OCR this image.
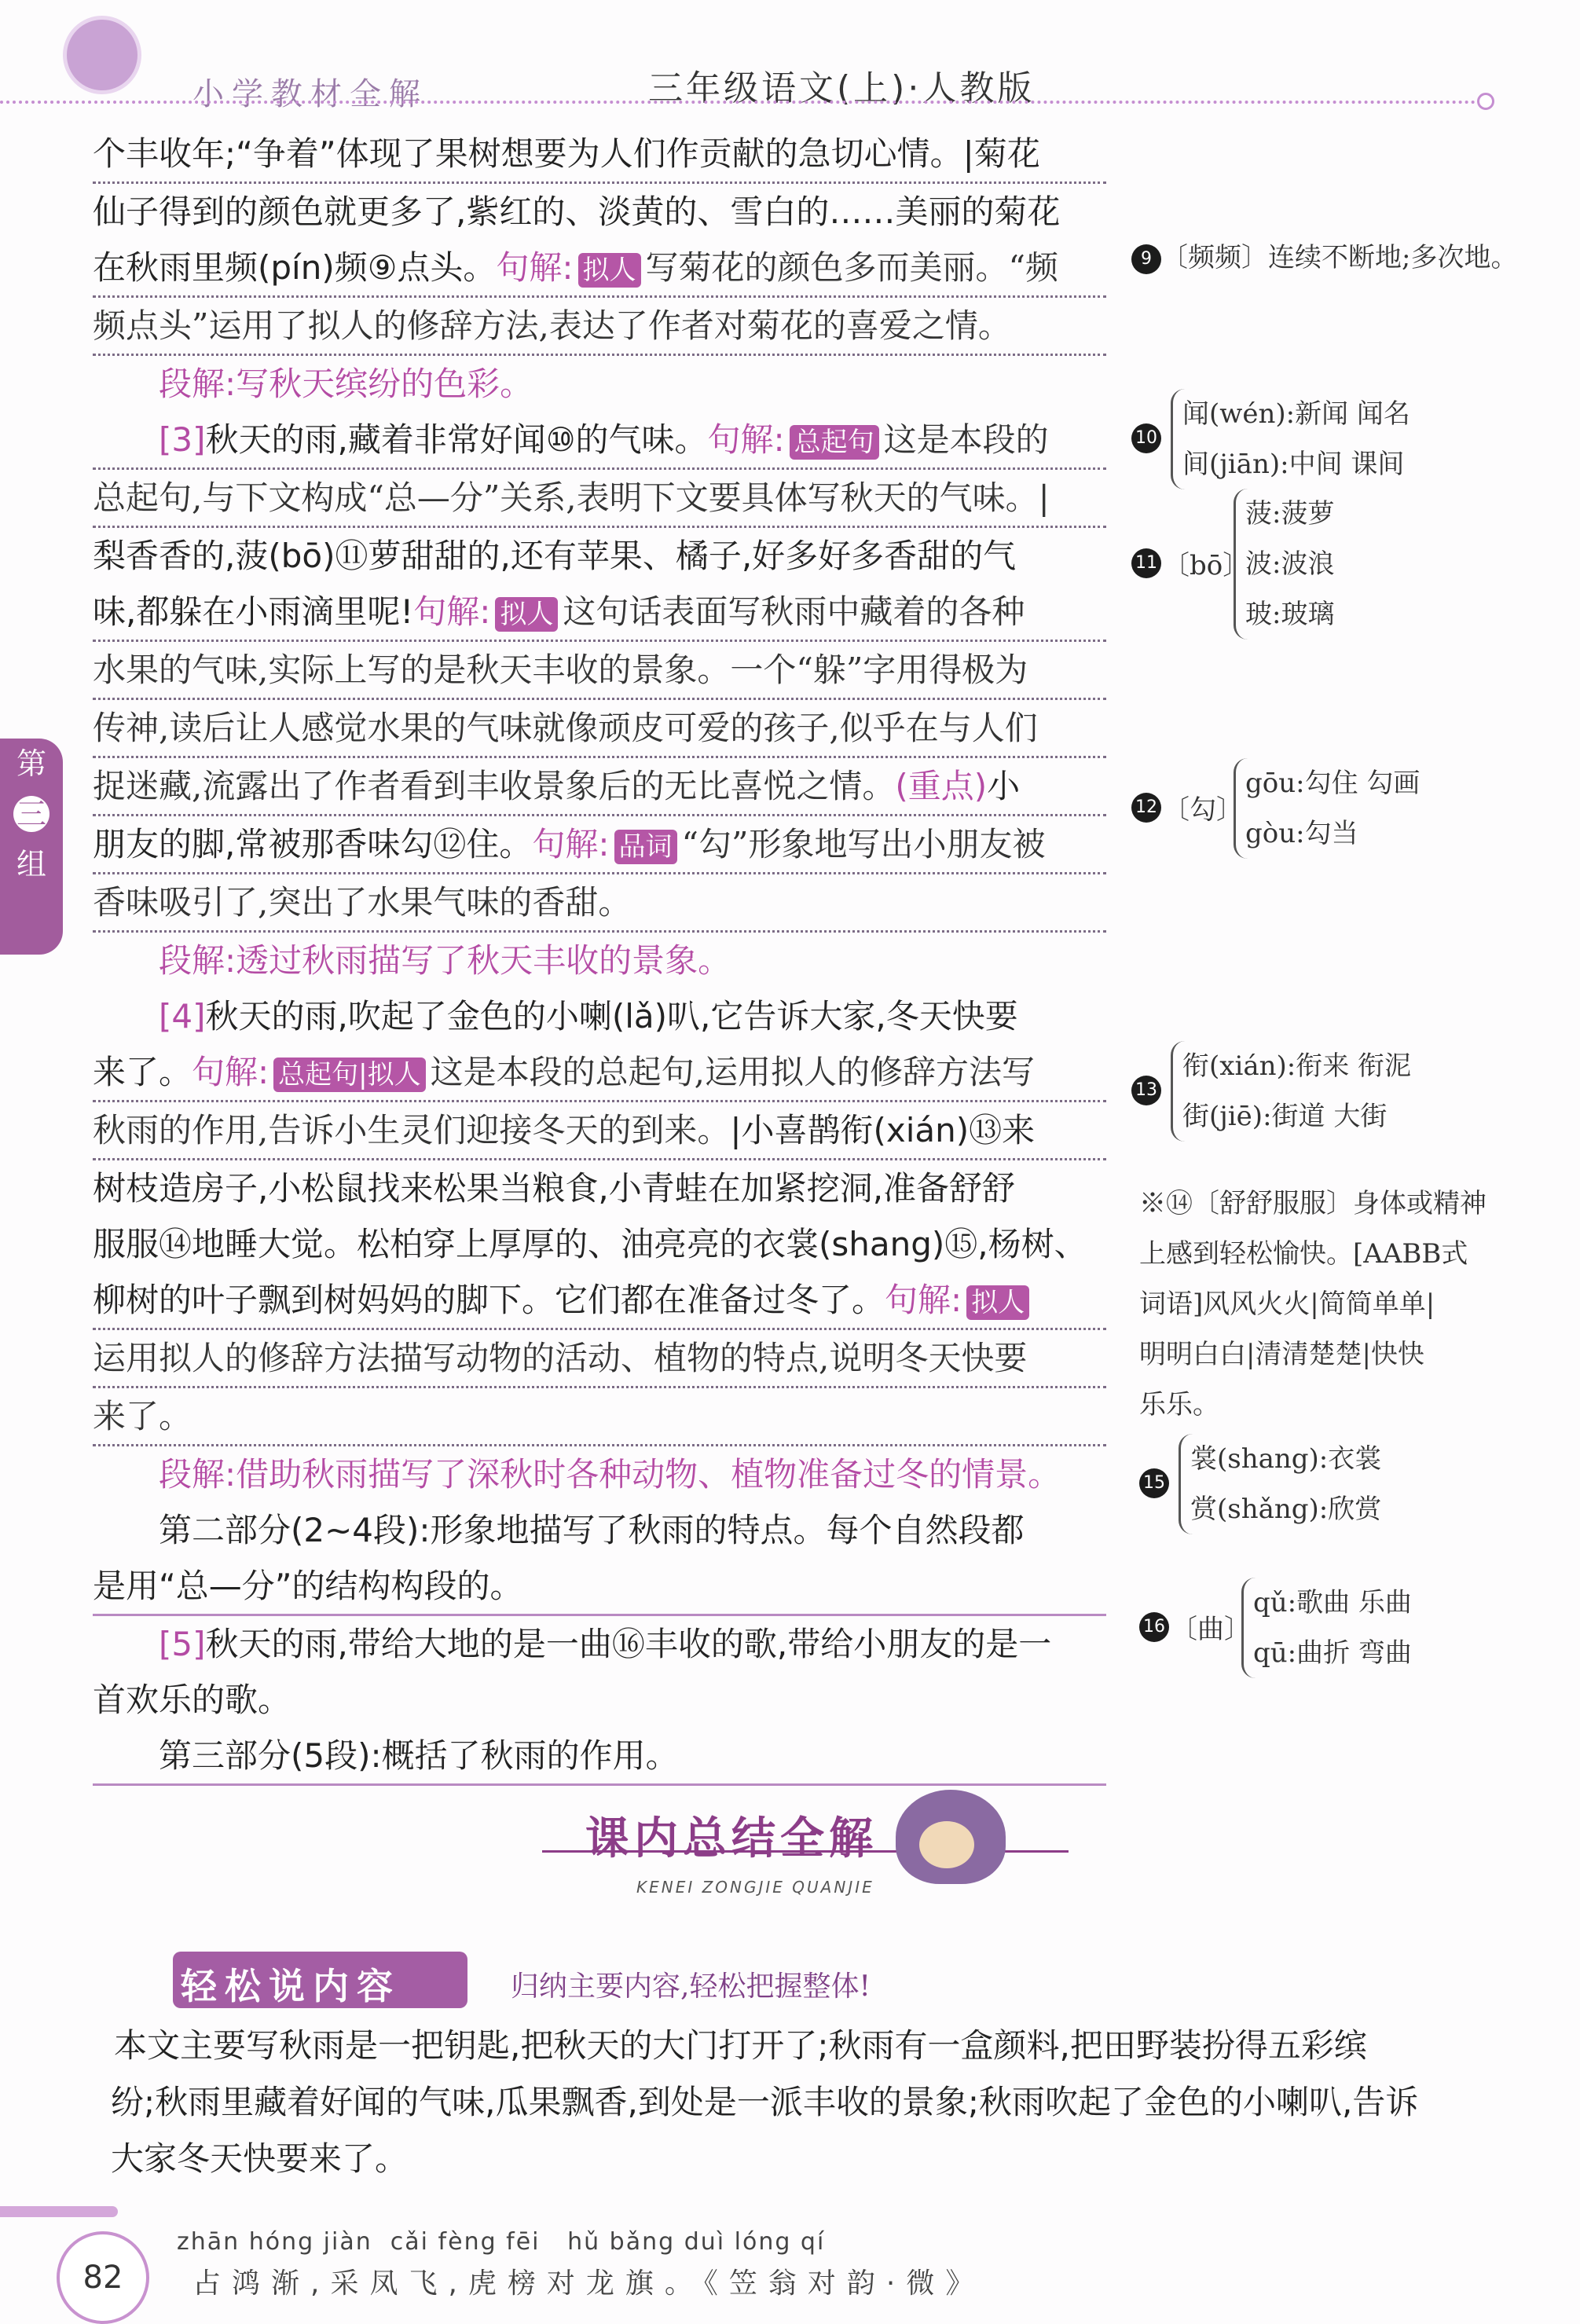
小学教材全解	三年级语文(上)·人教版
第
三
组
个丰收年;“争着”体现了果树想要为人们作贡献的急切心情。|菊花
仙子得到的颜色就更多了,紫红的、淡黄的、雪白的……美丽的菊花
在秋雨里频(pín)频⑨点头。句解: 拟人 写菊花的颜色多而美丽。“频
频点头”运用了拟人的修辞方法,表达了作者对菊花的喜爱之情。
段解:写秋天缤纷的色彩。
[3]秋天的雨,藏着非常好闻⑩的气味。句解: 总起句 这是本段的
总起句,与下文构成“总—分”关系,表明下文要具体写秋天的气味。|
梨香香的,菠(bō)⑪萝甜甜的,还有苹果、橘子,好多好多香甜的气
味,都躲在小雨滴里呢!句解: 拟人 这句话表面写秋雨中藏着的各种
水果的气味,实际上写的是秋天丰收的景象。一个“躲”字用得极为
传神,读后让人感觉水果的气味就像顽皮可爱的孩子,似乎在与人们
捉迷藏,流露出了作者看到丰收景象后的无比喜悦之情。(重点)小
朋友的脚,常被那香味勾⑫住。句解: 品词 “勾”形象地写出小朋友被
香味吸引了,突出了水果气味的香甜。
段解:透过秋雨描写了秋天丰收的景象。
[4]秋天的雨,吹起了金色的小喇(lǎ)叭,它告诉大家,冬天快要
来了。句解: 总起句|拟人 这是本段的总起句,运用拟人的修辞方法写
秋雨的作用,告诉小生灵们迎接冬天的到来。|小喜鹊衔(xián)⑬来
树枝造房子,小松鼠找来松果当粮食,小青蛙在加紧挖洞,准备舒舒
服服⑭地睡大觉。松柏穿上厚厚的、油亮亮的衣裳(shang)⑮,杨树、
柳树的叶子飘到树妈妈的脚下。它们都在准备过冬了。句解: 拟人
运用拟人的修辞方法描写动物的活动、植物的特点,说明冬天快要
来了。
段解:借助秋雨描写了深秋时各种动物、植物准备过冬的情景。
第二部分(2~4段):形象地描写了秋雨的特点。每个自然段都
是用“总—分”的结构构段的。
[5]秋天的雨,带给大地的是一曲⑯丰收的歌,带给小朋友的是一
首欢乐的歌。
第三部分(5段):概括了秋雨的作用。
9 〔频频〕连续不断地;多次地。
10
闻(wén):新闻 闻名
间(jiān):中间 课间
11 〔bō〕
菠:菠萝
波:波浪
玻:玻璃
12 〔勾〕
gōu:勾住 勾画
gòu:勾当
13
衔(xián):衔来 衔泥
街(jiē):街道 大街
※⑭〔舒舒服服〕身体或精神
上感到轻松愉快。[AABB式
词语]风风火火|简简单单|
明明白白|清清楚楚|快快
乐乐。
15
裳(shang):衣裳
赏(shǎng):欣赏
16 〔曲〕
qǔ:歌曲 乐曲
qū:曲折 弯曲
课内总结全解
KENEI ZONGJIE QUANJIE
轻松说内容	归纳主要内容,轻松把握整体!
本文主要写秋雨是一把钥匙,把秋天的大门打开了;秋雨有一盒颜料,把田野装扮得五彩缤
纷;秋雨里藏着好闻的气味,瓜果飘香,到处是一派丰收的景象;秋雨吹起了金色的小喇叭,告诉
大家冬天快要来了。
82
zhān hóng jiàn  cǎi fèng fēi   hǔ bǎng duì lóng qí
占鸿渐,采凤飞,虎榜对龙旗。《笠翁对韵·微》
